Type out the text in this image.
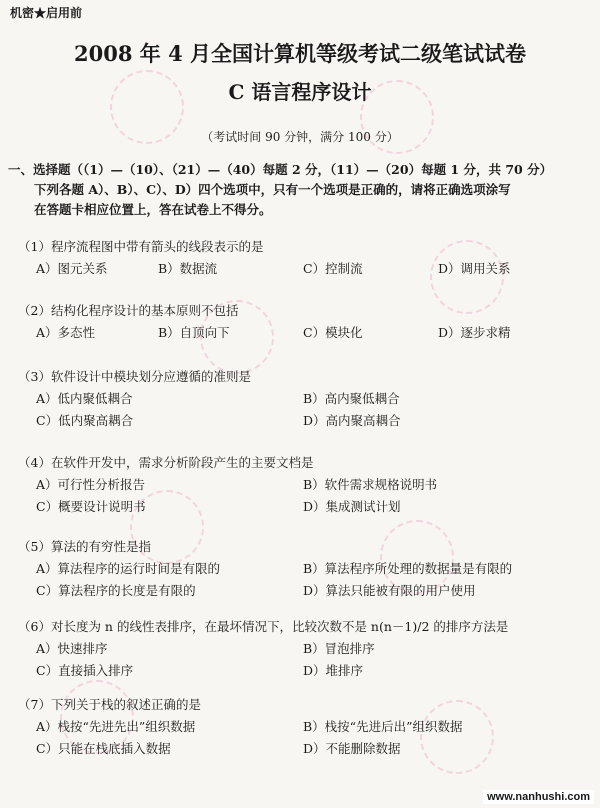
机密★启用前
2008 年 4 月全国计算机等级考试二级笔试试卷
C 语言程序设计
（考试时间 90 分钟，满分 100 分）
一、选择题（（1）—（10）、（21）—（40）每题 2 分，（11）—（20）每题 1 分，共 70 分）
下列各题 A）、B）、C）、D）四个选项中，只有一个选项是正确的，请将正确选项涂写
在答题卡相应位置上，答在试卷上不得分。
（1）程序流程图中带有箭头的线段表示的是
A）图元关系	B）数据流	C）控制流	D）调用关系
（2）结构化程序设计的基本原则不包括
A）多态性	B）自顶向下	C）模块化	D）逐步求精
（3）软件设计中模块划分应遵循的准则是
A）低内聚低耦合	B）高内聚低耦合
C）低内聚高耦合	D）高内聚高耦合
（4）在软件开发中，需求分析阶段产生的主要文档是
A）可行性分析报告	B）软件需求规格说明书
C）概要设计说明书	D）集成测试计划
（5）算法的有穷性是指
A）算法程序的运行时间是有限的	B）算法程序所处理的数据量是有限的
C）算法程序的长度是有限的	D）算法只能被有限的用户使用
（6）对长度为 n 的线性表排序，在最坏情况下，比较次数不是 n(n－1)/2 的排序方法是
A）快速排序	B）冒泡排序
C）直接插入排序	D）堆排序
（7）下列关于栈的叙述正确的是
A）栈按“先进先出”组织数据	B）栈按“先进后出”组织数据
C）只能在栈底插入数据	D）不能删除数据
www.nanhushi.com
